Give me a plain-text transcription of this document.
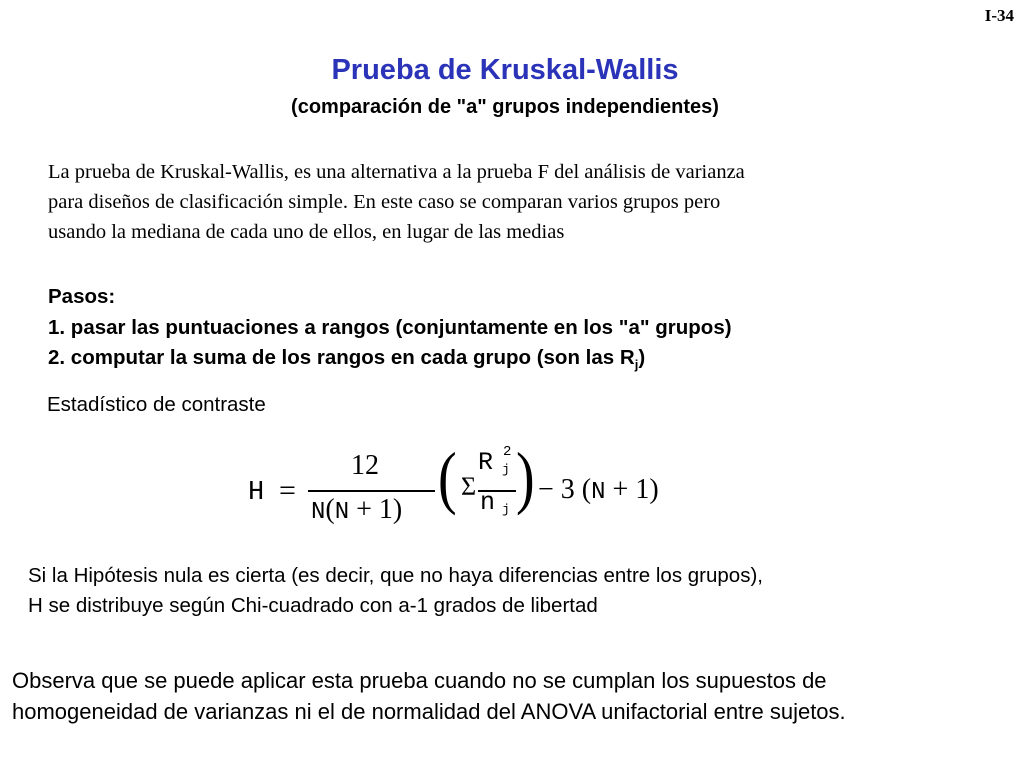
I-34
Prueba de Kruskal-Wallis
(comparación de "a" grupos independientes)
La prueba de Kruskal-Wallis, es una alternativa a la prueba F del análisis de varianza
para diseños de clasificación simple. En este caso se comparan varios grupos pero
usando la mediana de cada uno de ellos, en lugar de las medias
Pasos:
1. pasar las puntuaciones a rangos (conjuntamente en los "a" grupos)
2. computar la suma de los rangos en cada grupo (son las $R_j$)
Estadístico de contraste
H =
12
N(N + 1) ( Σ
R 2
j
n j ) − 3 (N + 1)
Si la Hipótesis nula es cierta (es decir, que no haya diferencias entre los grupos),
H se distribuye según Chi-cuadrado con a-1 grados de libertad
Observa que se puede aplicar esta prueba cuando no se cumplan los supuestos de
homogeneidad de varianzas ni el de normalidad del ANOVA unifactorial entre sujetos.
